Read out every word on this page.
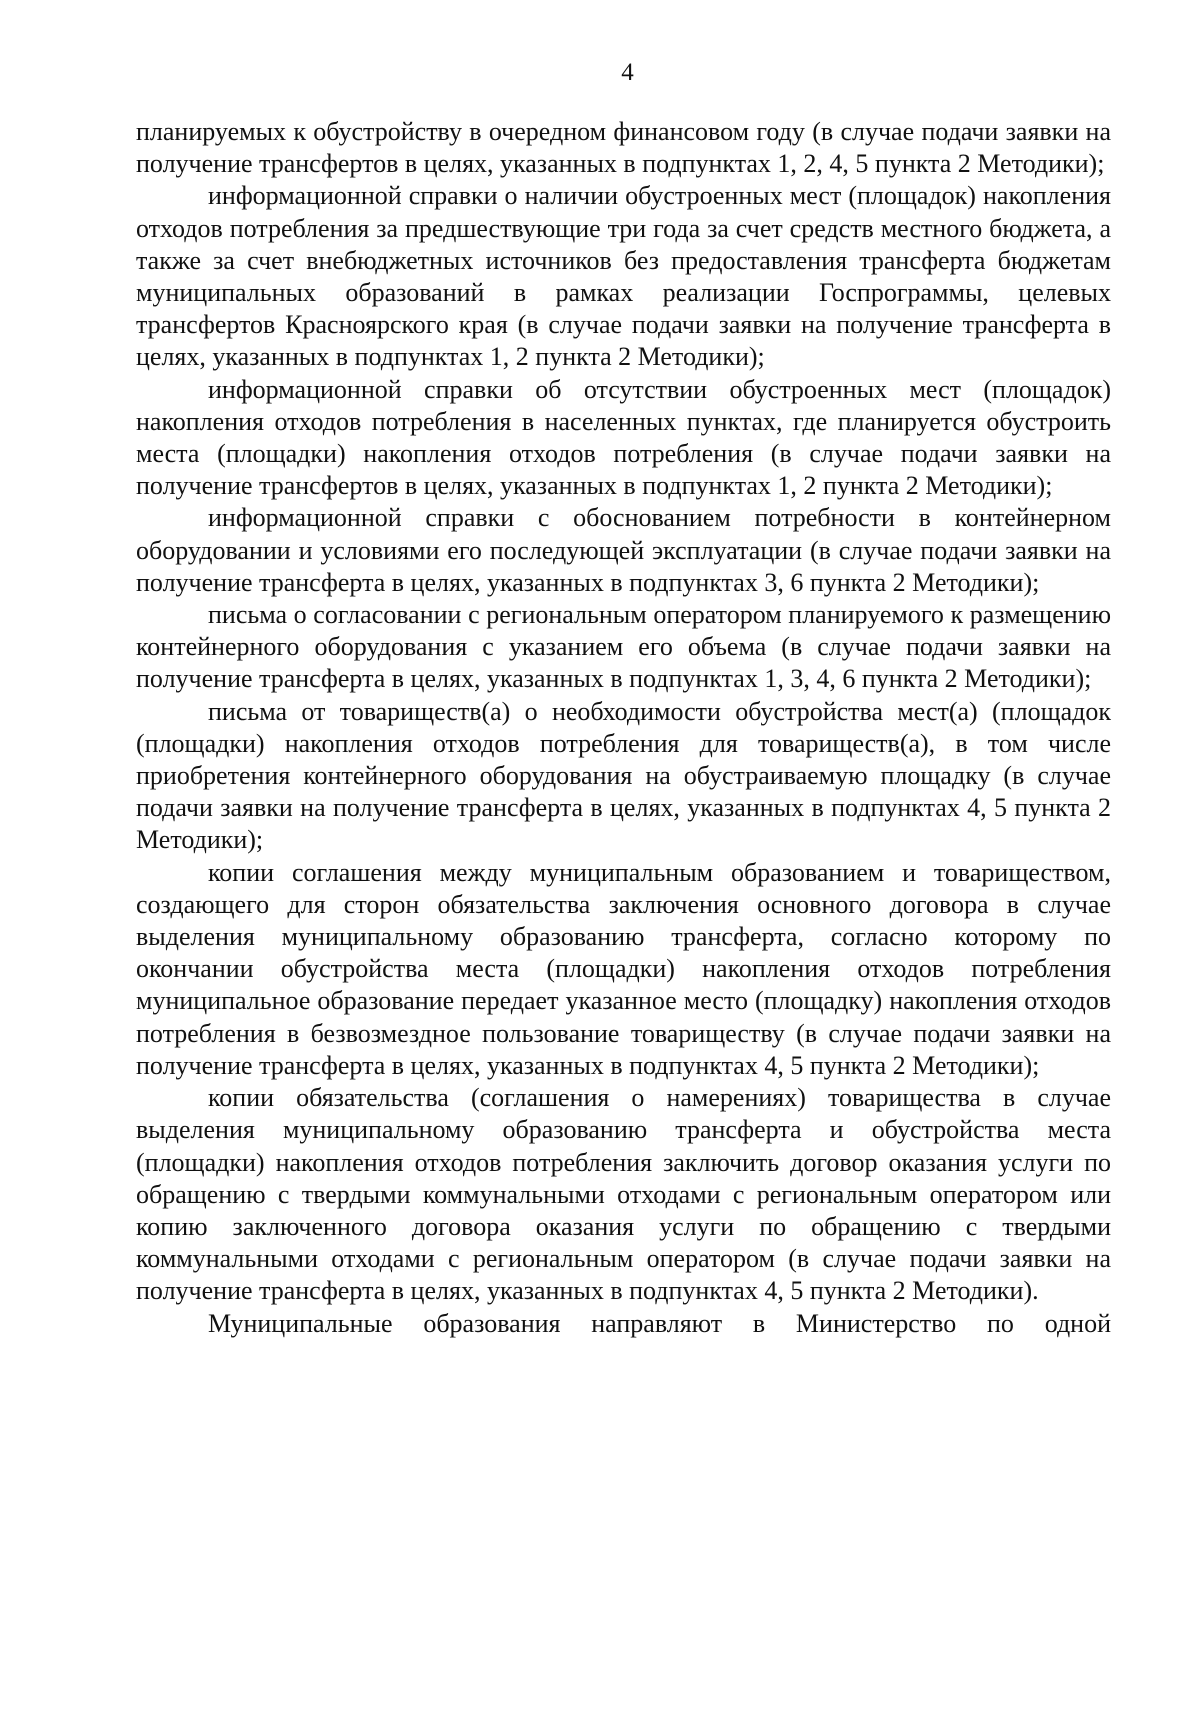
4

планируемых к обустройству в очередном финансовом году (в случае подачи заявки на получение трансфертов в целях, указанных в подпунктах 1, 2, 4, 5 пункта 2 Методики);

информационной справки о наличии обустроенных мест (площадок) накопления отходов потребления за предшествующие три года за счет средств местного бюджета, а также за счет внебюджетных источников без предоставления трансферта бюджетам муниципальных образований в рамках реализации Госпрограммы, целевых трансфертов Красноярского края (в случае подачи заявки на получение трансферта в целях, указанных в подпунктах 1, 2 пункта 2 Методики);

информационной справки об отсутствии обустроенных мест (площадок) накопления отходов потребления в населенных пунктах, где планируется обустроить места (площадки) накопления отходов потребления (в случае подачи заявки на получение трансфертов в целях, указанных в подпунктах 1, 2 пункта 2 Методики);

информационной справки с обоснованием потребности в контейнерном оборудовании и условиями его последующей эксплуатации (в случае подачи заявки на получение трансферта в целях, указанных в подпунктах 3, 6 пункта 2 Методики);

письма о согласовании с региональным оператором планируемого к размещению контейнерного оборудования с указанием его объема (в случае подачи заявки на получение трансферта в целях, указанных в подпунктах 1, 3, 4, 6 пункта 2 Методики);

письма от товариществ(а) о необходимости обустройства мест(а) (площадок (площадки) накопления отходов потребления для товариществ(а), в том числе приобретения контейнерного оборудования на обустраиваемую площадку (в случае подачи заявки на получение трансферта в целях, указанных в подпунктах 4, 5 пункта 2 Методики);

копии соглашения между муниципальным образованием и товариществом, создающего для сторон обязательства заключения основного договора в случае выделения муниципальному образованию трансферта, согласно которому по окончании обустройства места (площадки) накопления отходов потребления муниципальное образование передает указанное место (площадку) накопления отходов потребления в безвозмездное пользование товариществу (в случае подачи заявки на получение трансферта в целях, указанных в подпунктах 4, 5 пункта 2 Методики);

копии обязательства (соглашения о намерениях) товарищества в случае выделения муниципальному образованию трансферта и обустройства места (площадки) накопления отходов потребления заключить договор оказания услуги по обращению с твердыми коммунальными отходами с региональным оператором или копию заключенного договора оказания услуги по обращению с твердыми коммунальными отходами с региональным оператором (в случае подачи заявки на получение трансферта в целях, указанных в подпунктах 4, 5 пункта 2 Методики).

Муниципальные образования направляют в Министерство по одной
